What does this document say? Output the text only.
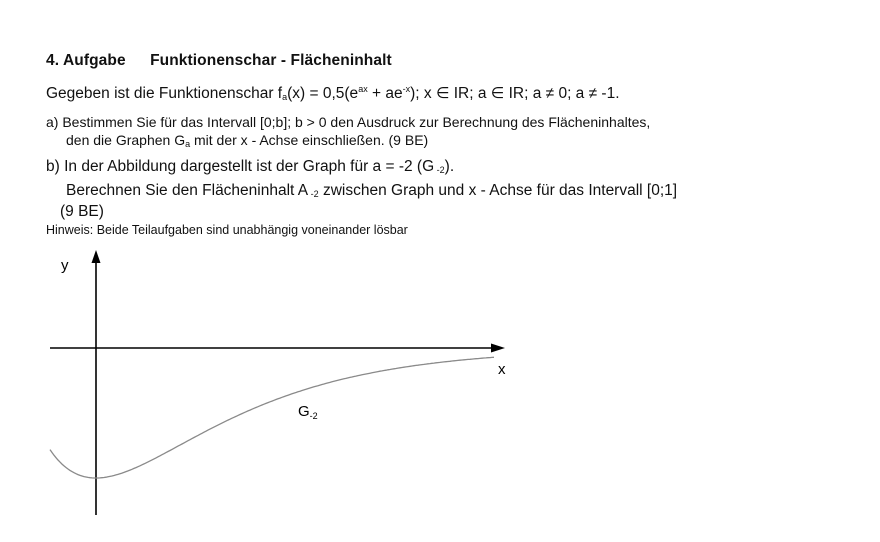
4. Aufgabe Funktionenschar - Flächeninhalt
Gegeben ist die Funktionenschar $f_a(x) = 0,5(e^{ax} + ae^{-x})$; x ∈ IR; a ∈ IR; a ≠ 0; a ≠ -1.
a) Bestimmen Sie für das Intervall [0;b]; b > 0 den Ausdruck zur Berechnung des Flächeninhaltes,
den die Graphen $G_a$ mit der x - Achse einschließen. (9 BE)
b) In der Abbildung dargestellt ist der Graph für a = -2 (G $_{-2}$).
Berechnen Sie den Flächeninhalt A $_{-2}$ zwischen Graph und x - Achse für das Intervall [0;1]
(9 BE)
Hinweis: Beide Teilaufgaben sind unabhängig voneinander lösbar
y
x
$G_{-2}$
